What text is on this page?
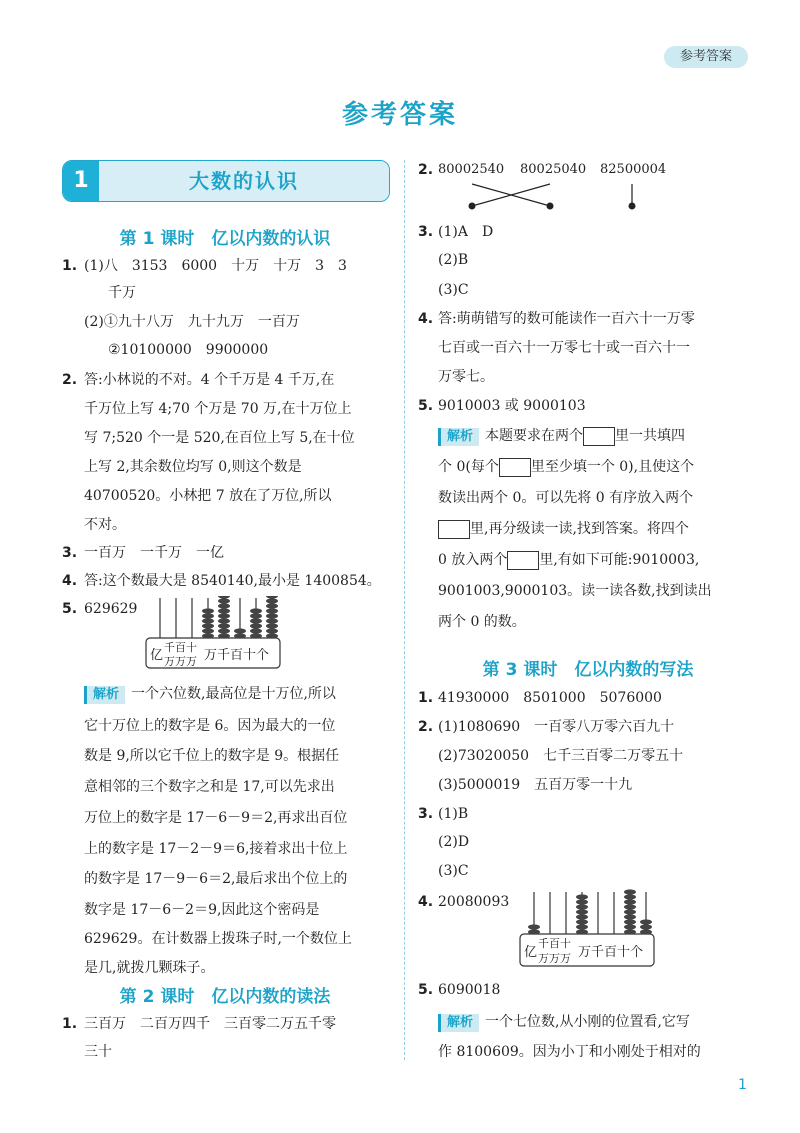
参考答案
参考答案
1	大数的认识
第 1 课时　亿以内数的认识
1. (1)八　3153　6000　十万　十万　3　3
千万
(2)①九十八万　九十九万　一百万
②10100000　9900000
2. 答:小林说的不对。4 个千万是 4 千万,在
千万位上写 4;70 个万是 70 万,在十万位上
写 7;520 个一是 520,在百位上写 5,在十位
上写 2,其余数位均写 0,则这个数是
40700520。小林把 7 放在了万位,所以
不对。
3. 一百万　一千万　一亿
4. 答:这个数最大是 8540140,最小是 1400854。
5. 629629
亿
千百十
万万万 万千百十个
解析 一个六位数,最高位是十万位,所以
它十万位上的数字是 6。因为最大的一位
数是 9,所以它千位上的数字是 9。根据任
意相邻的三个数字之和是 17,可以先求出
万位上的数字是 17－6－9＝2,再求出百位
上的数字是 17－2－9＝6,接着求出十位上
的数字是 17－9－6＝2,最后求出个位上的
数字是 17－6－2＝9,因此这个密码是
629629。在计数器上拨珠子时,一个数位上
是几,就拨几颗珠子。
第 2 课时　亿以内数的读法
1. 三百万　二百万四千　三百零二万五千零
三十
2. 80002540 80025040 82500004
3. (1)A　D
(2)B
(3)C
4. 答:萌萌错写的数可能读作一百六十一万零
七百或一百六十一万零七十或一百六十一
万零七。
5. 9010003 或 9000103
解析 本题要求在两个 里一共填四
个 0(每个 里至少填一个 0),且使这个
数读出两个 0。可以先将 0 有序放入两个
里,再分级读一读,找到答案。将四个
0 放入两个 里,有如下可能:9010003,
9001003,9000103。读一读各数,找到读出
两个 0 的数。
第 3 课时　亿以内数的写法
1. 41930000　8501000　5076000
2. (1)1080690　一百零八万零六百九十
(2)73020050　七千三百零二万零五十
(3)5000019　五百万零一十九
3. (1)B
(2)D
(3)C
4. 20080093
亿
千百十
万万万 万千百十个
5. 6090018
解析 一个七位数,从小刚的位置看,它写
作 8100609。因为小丁和小刚处于相对的
1
